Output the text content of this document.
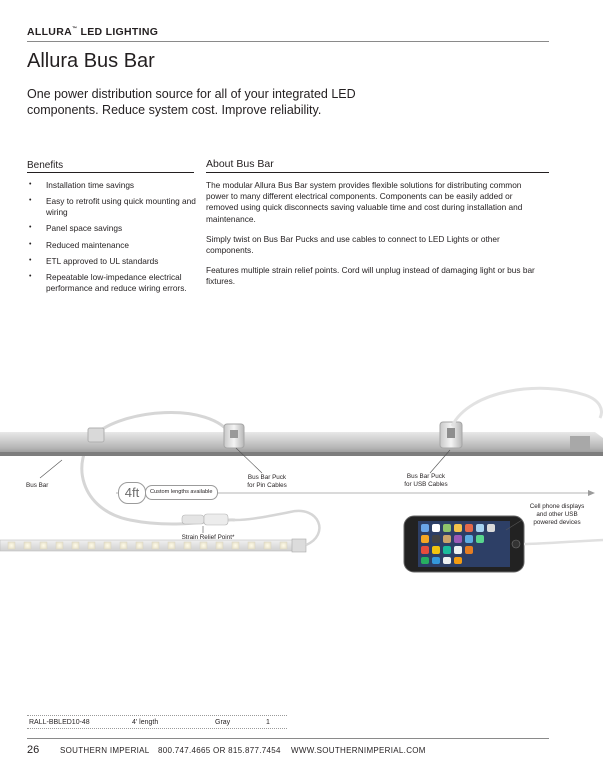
ALLURA™ LED LIGHTING
Allura Bus Bar
One power distribution source for all of your integrated LED components. Reduce system cost. Improve reliability.
Benefits
• Installation time savings
• Easy to retrofit using quick mounting and wiring
• Panel space savings
• Reduced maintenance
• ETL approved to UL standards
• Repeatable low-impedance electrical performance and reduce wiring errors.
About Bus Bar

The modular Allura Bus Bar system provides flexible solutions for distributing common power to many different electrical components. Components can be easily added or removed using quick disconnects saving valuable time and cost during installation and maintenance.

Simply twist on Bus Bar Pucks and use cables to connect to LED Lights or other components.

Features multiple strain relief points. Cord will unplug instead of damaging light or bus bar fixtures.

Bus Bar	4ft	Custom lengths available
Bus Bar Puck
for Pin Cables
Bus Bar Puck
for USB Cables
Cell phone displays
and other USB
powered devices
Strain Relief Point*
RALL-BBLED10-48	4' length	Gray	1
26	SOUTHERN IMPERIAL 800.747.4665 OR 815.877.7454 WWW.SOUTHERNIMPERIAL.COM
